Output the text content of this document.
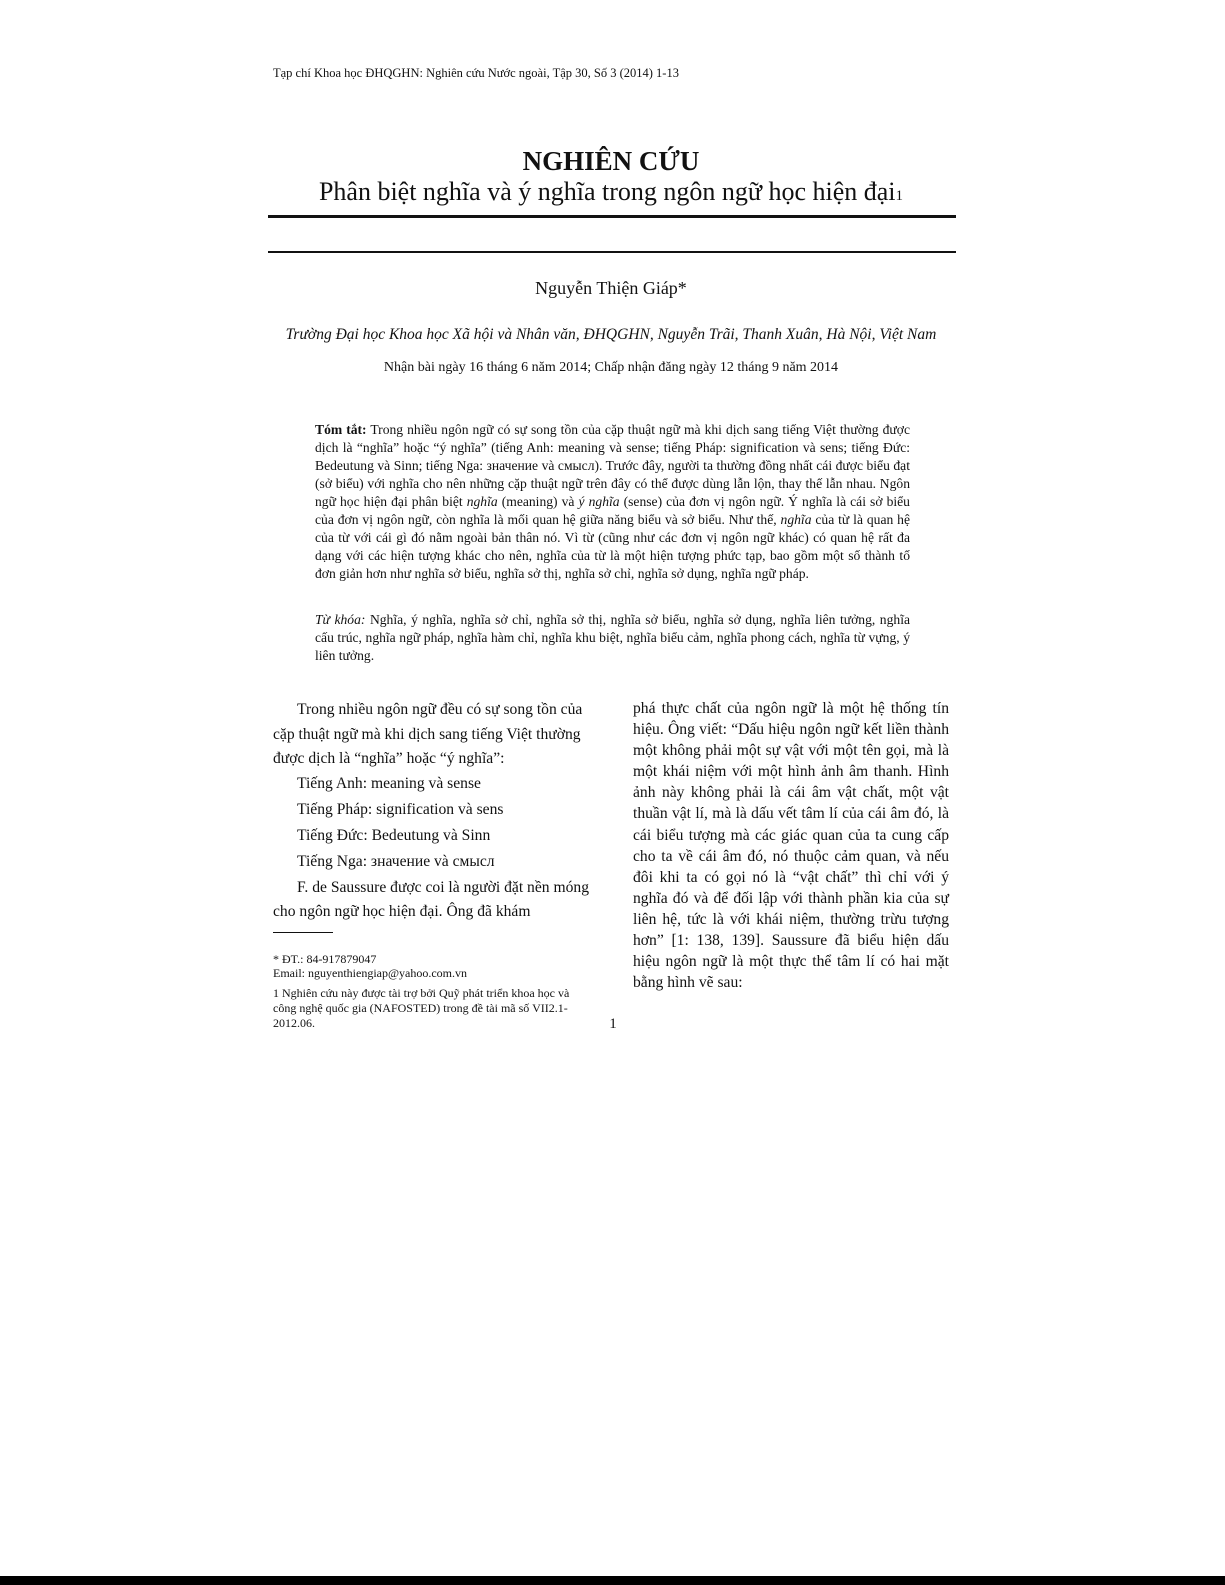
Tạp chí Khoa học ĐHQGHN: Nghiên cứu Nước ngoài, Tập 30, Số 3 (2014) 1-13
NGHIÊN CỨU
Phân biệt nghĩa và ý nghĩa trong ngôn ngữ học hiện đại1
Nguyễn Thiện Giáp*
Trường Đại học Khoa học Xã hội và Nhân văn, ĐHQGHN, Nguyễn Trãi, Thanh Xuân, Hà Nội, Việt Nam
Nhận bài ngày 16 tháng 6 năm 2014; Chấp nhận đăng ngày 12 tháng 9 năm 2014

Tóm tắt: Trong nhiều ngôn ngữ có sự song tồn của cặp thuật ngữ mà khi dịch sang tiếng Việt thường được dịch là “nghĩa” hoặc “ý nghĩa” (tiếng Anh: meaning và sense; tiếng Pháp: signification và sens; tiếng Đức: Bedeutung và Sinn; tiếng Nga: значение và смысл). Trước đây, người ta thường đồng nhất cái được biểu đạt (sở biểu) với nghĩa cho nên những cặp thuật ngữ trên đây có thể được dùng lẫn lộn, thay thế lẫn nhau. Ngôn ngữ học hiện đại phân biệt nghĩa (meaning) và ý nghĩa (sense) của đơn vị ngôn ngữ. Ý nghĩa là cái sở biểu của đơn vị ngôn ngữ, còn nghĩa là mối quan hệ giữa năng biểu và sở biểu. Như thế, nghĩa của từ là quan hệ của từ với cái gì đó nằm ngoài bản thân nó. Vì từ (cũng như các đơn vị ngôn ngữ khác) có quan hệ rất đa dạng với các hiện tượng khác cho nên, nghĩa của từ là một hiện tượng phức tạp, bao gồm một số thành tố đơn giản hơn như nghĩa sở biểu, nghĩa sở thị, nghĩa sở chỉ, nghĩa sở dụng, nghĩa ngữ pháp.

Từ khóa: Nghĩa, ý nghĩa, nghĩa sở chỉ, nghĩa sở thị, nghĩa sở biểu, nghĩa sở dụng, nghĩa liên tưởng, nghĩa cấu trúc, nghĩa ngữ pháp, nghĩa hàm chỉ, nghĩa khu biệt, nghĩa biểu cảm, nghĩa phong cách, nghĩa từ vựng, ý liên tưởng.

Trong nhiều ngôn ngữ đều có sự song tồn của cặp thuật ngữ mà khi dịch sang tiếng Việt thường được dịch là “nghĩa” hoặc “ý nghĩa”:

Tiếng Anh: meaning và sense

Tiếng Pháp: signification và sens

Tiếng Đức: Bedeutung và Sinn

Tiếng Nga: значение và смысл

F. de Saussure được coi là người đặt nền móng cho ngôn ngữ học hiện đại. Ông đã khám

* ĐT.: 84-917879047
Email: nguyenthiengiap@yahoo.com.vn
1 Nghiên cứu này được tài trợ bởi Quỹ phát triển khoa học và công nghệ quốc gia (NAFOSTED) trong đề tài mã số VII2.1-2012.06.

phá thực chất của ngôn ngữ là một hệ thống tín hiệu. Ông viết: “Dấu hiệu ngôn ngữ kết liền thành một không phải một sự vật với một tên gọi, mà là một khái niệm với một hình ảnh âm thanh. Hình ảnh này không phải là cái âm vật chất, một vật thuần vật lí, mà là dấu vết tâm lí của cái âm đó, là cái biểu tượng mà các giác quan của ta cung cấp cho ta về cái âm đó, nó thuộc cảm quan, và nếu đôi khi ta có gọi nó là “vật chất” thì chỉ với ý nghĩa đó và để đối lập với thành phần kia của sự liên hệ, tức là với khái niệm, thường trừu tượng hơn” [1: 138, 139]. Saussure đã biểu hiện dấu hiệu ngôn ngữ là một thực thể tâm lí có hai mặt bằng hình vẽ sau:

1
